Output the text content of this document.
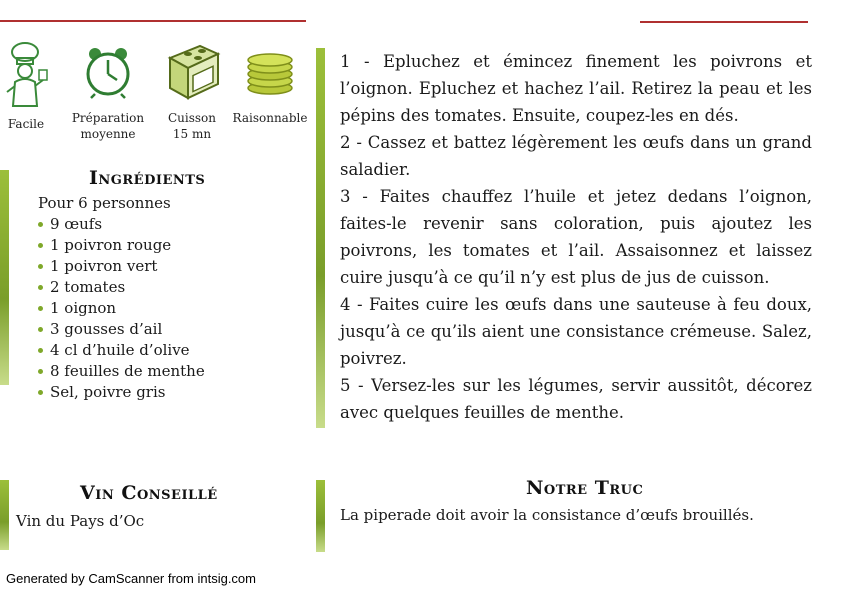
Facile	Préparation
moyenne
Cuisson
15 mn
Raisonnable
Ingrédients
Pour 6 personnes
9 œufs
1 poivron rouge
1 poivron vert
2 tomates
1 oignon
3 gousses d’ail
4 cl d’huile d’olive
8 feuilles de menthe
Sel, poivre gris

1 - Epluchez et émincez finement les poivrons et l’oignon. Epluchez et hachez l’ail. Retirez la peau et les pépins des tomates. Ensuite, coupez-les en dés.

2 - Cassez et battez légèrement les œufs dans un grand saladier.

3 - Faites chauffez l’huile et jetez dedans l’oignon, faites-le revenir sans coloration, puis ajoutez les poivrons, les tomates et l’ail. Assaisonnez et laissez cuire jusqu’à ce qu’il n’y est plus de jus de cuisson.

4 - Faites cuire les œufs dans une sauteuse à feu doux, jusqu’à ce qu’ils aient une consistance crémeuse. Salez, poivrez.

5 - Versez-les sur les légumes, servir aussitôt, décorez avec quelques feuilles de menthe.

Vin Conseillé
Vin du Pays d’Oc
Notre Truc
La piperade doit avoir la consistance d’œufs brouillés.
Generated by CamScanner from intsig.com
